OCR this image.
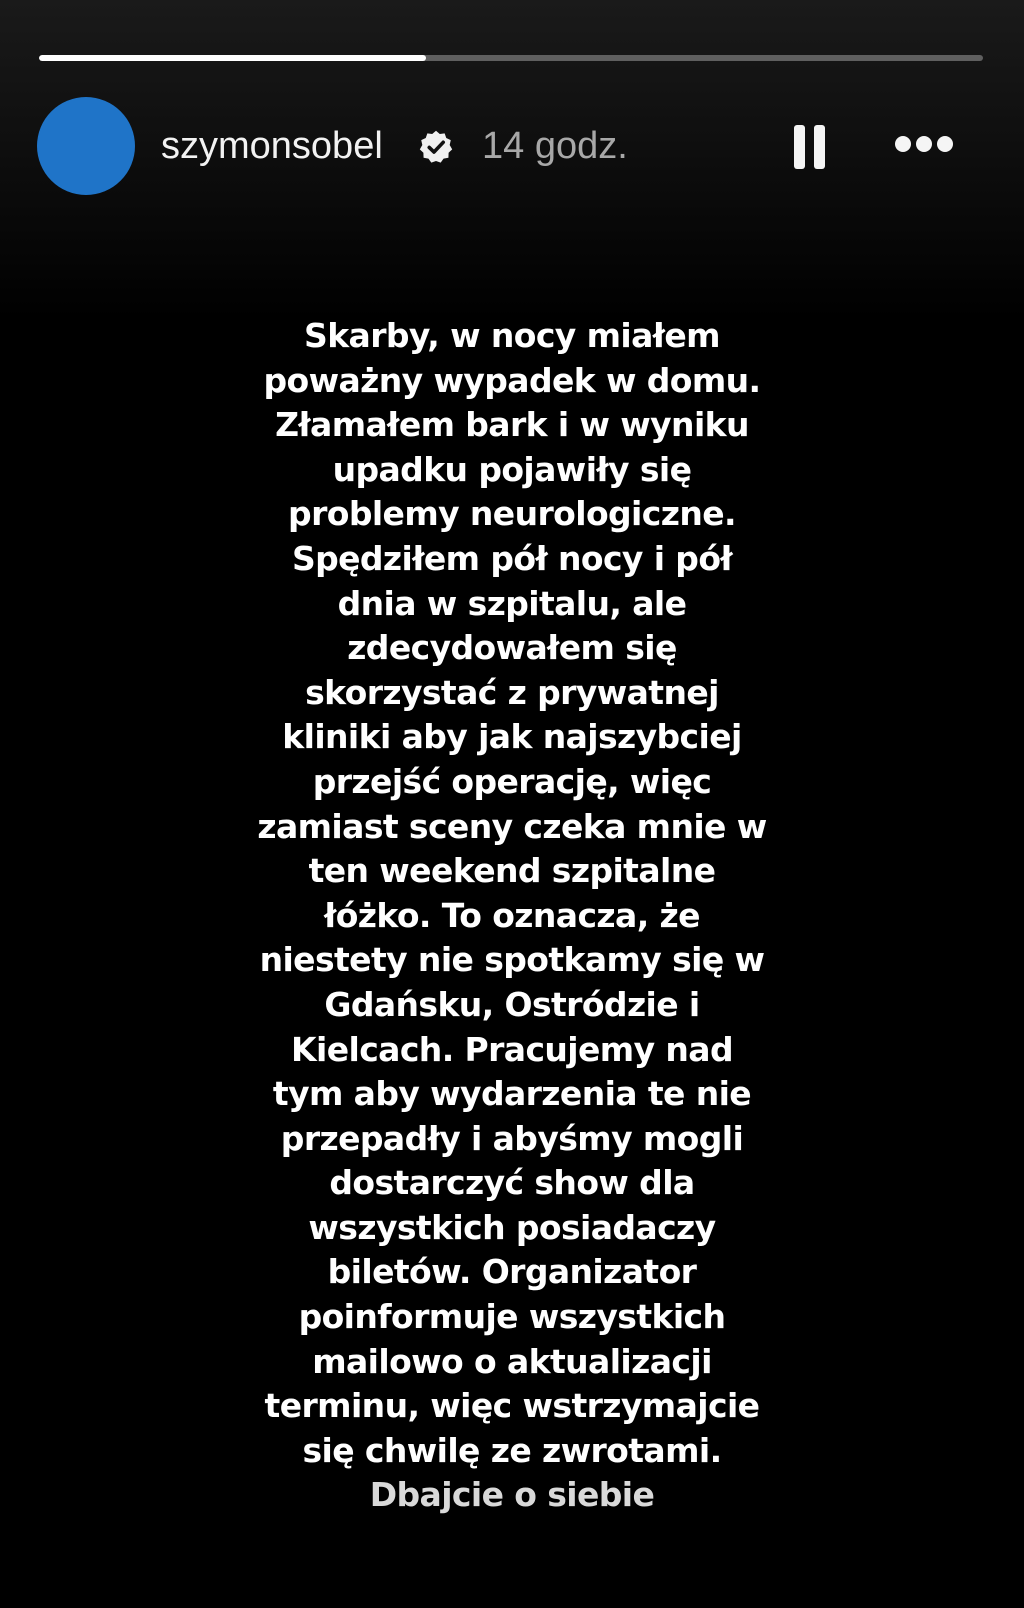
szymonsobel	14 godz.
Skarby, w nocy miałem
poważny wypadek w domu.
Złamałem bark i w wyniku
upadku pojawiły się
problemy neurologiczne.
Spędziłem pół nocy i pół
dnia w szpitalu, ale
zdecydowałem się
skorzystać z prywatnej
kliniki aby jak najszybciej
przejść operację, więc
zamiast sceny czeka mnie w
ten weekend szpitalne
łóżko. To oznacza, że
niestety nie spotkamy się w
Gdańsku, Ostródzie i
Kielcach. Pracujemy nad
tym aby wydarzenia te nie
przepadły i abyśmy mogli
dostarczyć show dla
wszystkich posiadaczy
biletów. Organizator
poinformuje wszystkich
mailowo o aktualizacji
terminu, więc wstrzymajcie
się chwilę ze zwrotami.
Dbajcie o siebie
